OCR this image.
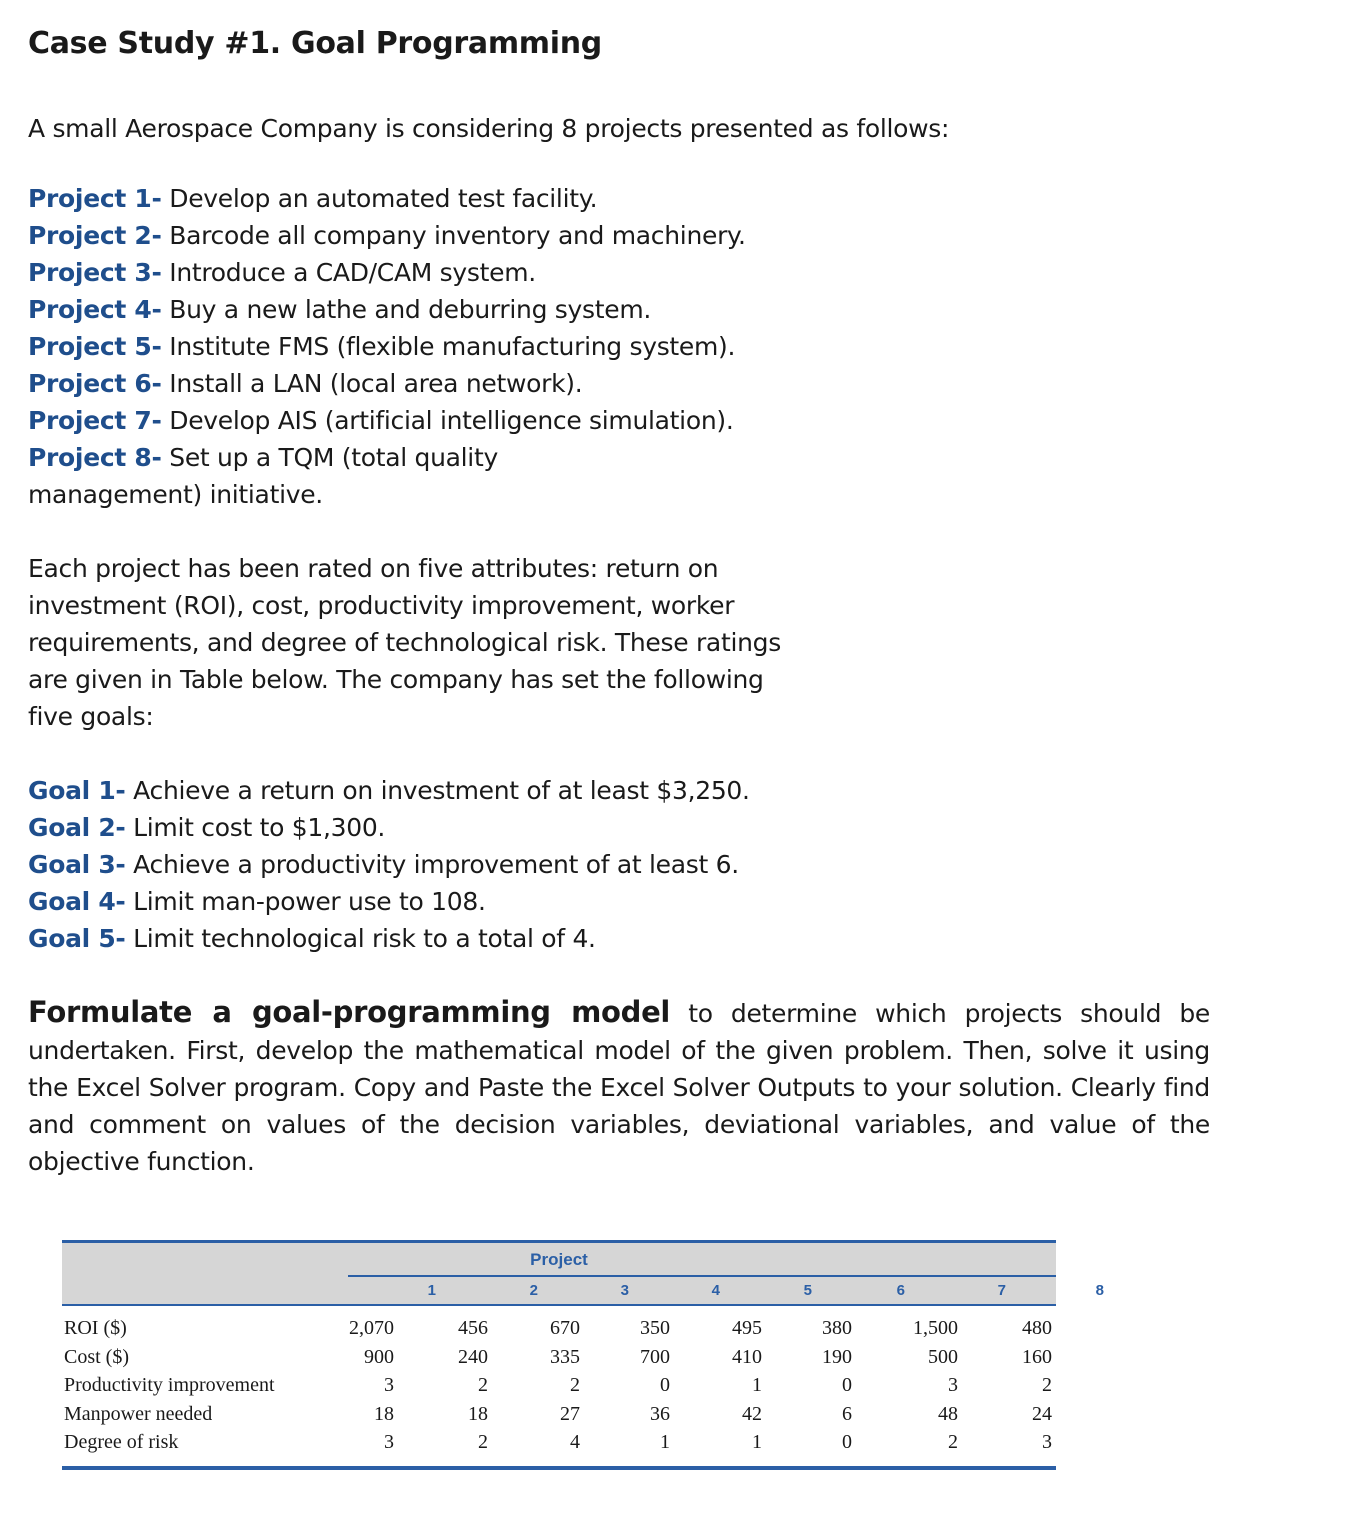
Case Study #1. Goal Programming

A small Aerospace Company is considering 8 projects presented as follows:

Project 1- Develop an automated test facility.

Project 2- Barcode all company inventory and machinery.

Project 3- Introduce a CAD/CAM system.

Project 4- Buy a new lathe and deburring system.

Project 5- Institute FMS (flexible manufacturing system).

Project 6- Install a LAN (local area network).

Project 7- Develop AIS (artificial intelligence simulation).

Project 8- Set up a TQM (total quality management) initiative.

Each project has been rated on five attributes: return on investment (ROI), cost, productivity improvement, worker requirements, and degree of technological risk. These ratings are given in Table below. The company has set the following five goals:

Goal 1- Achieve a return on investment of at least $3,250.

Goal 2- Limit cost to $1,300.

Goal 3- Achieve a productivity improvement of at least 6.

Goal 4- Limit man-power use to 108.

Goal 5- Limit technological risk to a total of 4.

Formulate a goal-programming model to determine which projects should be undertaken. First, develop the mathematical model of the given problem. Then, solve it using the Excel Solver program. Copy and Paste the Excel Solver Outputs to your solution. Clearly find and comment on values of the decision variables, deviational variables, and value of the objective function.

Project
1	2	3	4	5	6	7	8
ROI ($)	2,070	456	670	350	495	380	1,500	480
Cost ($)	900	240	335	700	410	190	500	160
Productivity improvement	3	2	2	0	1	0	3	2
Manpower needed	18	18	27	36	42	6	48	24
Degree of risk	3	2	4	1	1	0	2	3
